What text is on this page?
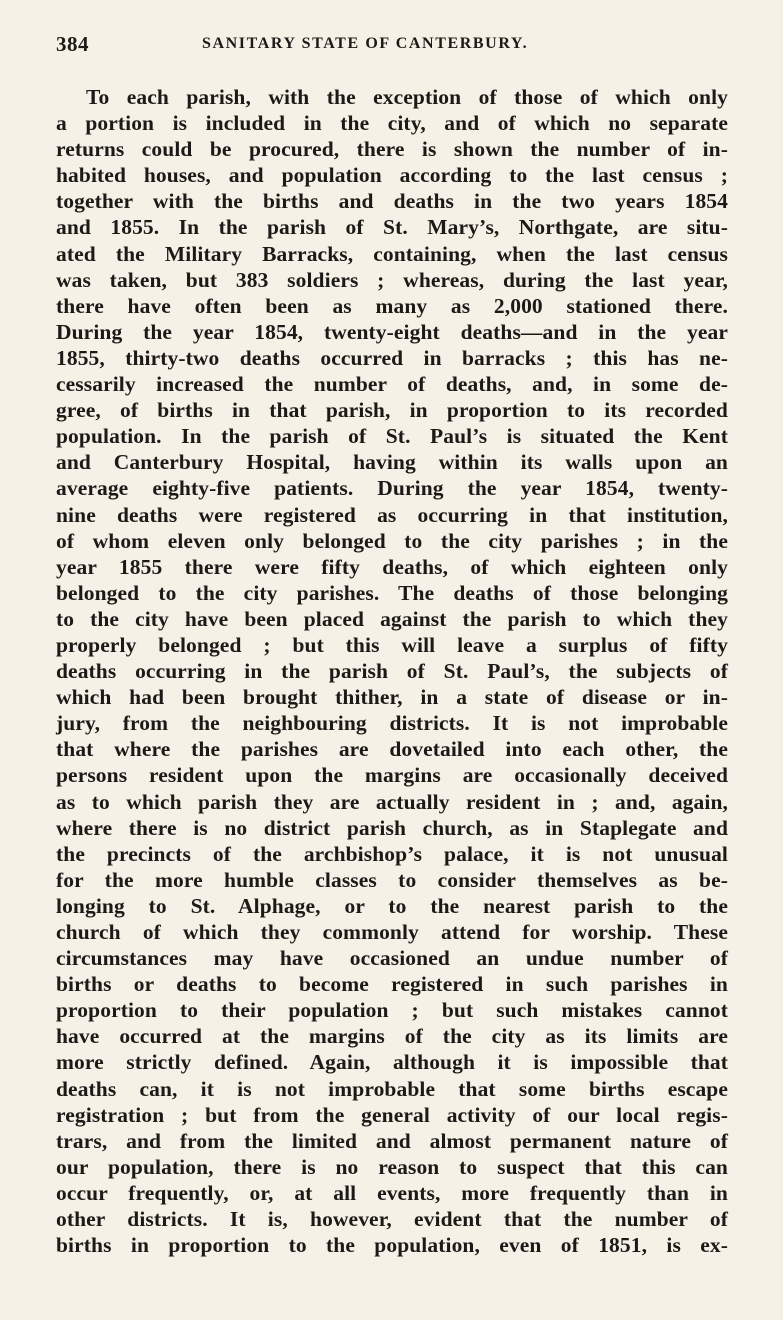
384	SANITARY STATE OF CANTERBURY.
To each parish, with the exception of those of which only
a portion is included in the city, and of which no separate
returns could be procured, there is shown the number of in-
habited houses, and population according to the last census ;
together with the births and deaths in the two years 1854
and 1855. In the parish of St. Mary’s, Northgate, are situ-
ated the Military Barracks, containing, when the last census
was taken, but 383 soldiers ; whereas, during the last year,
there have often been as many as 2,000 stationed there.
During the year 1854, twenty-eight deaths—and in the year
1855, thirty-two deaths occurred in barracks ; this has ne-
cessarily increased the number of deaths, and, in some de-
gree, of births in that parish, in proportion to its recorded
population. In the parish of St. Paul’s is situated the Kent
and Canterbury Hospital, having within its walls upon an
average eighty-five patients. During the year 1854, twenty-
nine deaths were registered as occurring in that institution,
of whom eleven only belonged to the city parishes ; in the
year 1855 there were fifty deaths, of which eighteen only
belonged to the city parishes. The deaths of those belonging
to the city have been placed against the parish to which they
properly belonged ; but this will leave a surplus of fifty
deaths occurring in the parish of St. Paul’s, the subjects of
which had been brought thither, in a state of disease or in-
jury, from the neighbouring districts. It is not improbable
that where the parishes are dovetailed into each other, the
persons resident upon the margins are occasionally deceived
as to which parish they are actually resident in ; and, again,
where there is no district parish church, as in Staplegate and
the precincts of the archbishop’s palace, it is not unusual
for the more humble classes to consider themselves as be-
longing to St. Alphage, or to the nearest parish to the
church of which they commonly attend for worship. These
circumstances may have occasioned an undue number of
births or deaths to become registered in such parishes in
proportion to their population ; but such mistakes cannot
have occurred at the margins of the city as its limits are
more strictly defined. Again, although it is impossible that
deaths can, it is not improbable that some births escape
registration ; but from the general activity of our local regis-
trars, and from the limited and almost permanent nature of
our population, there is no reason to suspect that this can
occur frequently, or, at all events, more frequently than in
other districts. It is, however, evident that the number of
births in proportion to the population, even of 1851, is ex-
